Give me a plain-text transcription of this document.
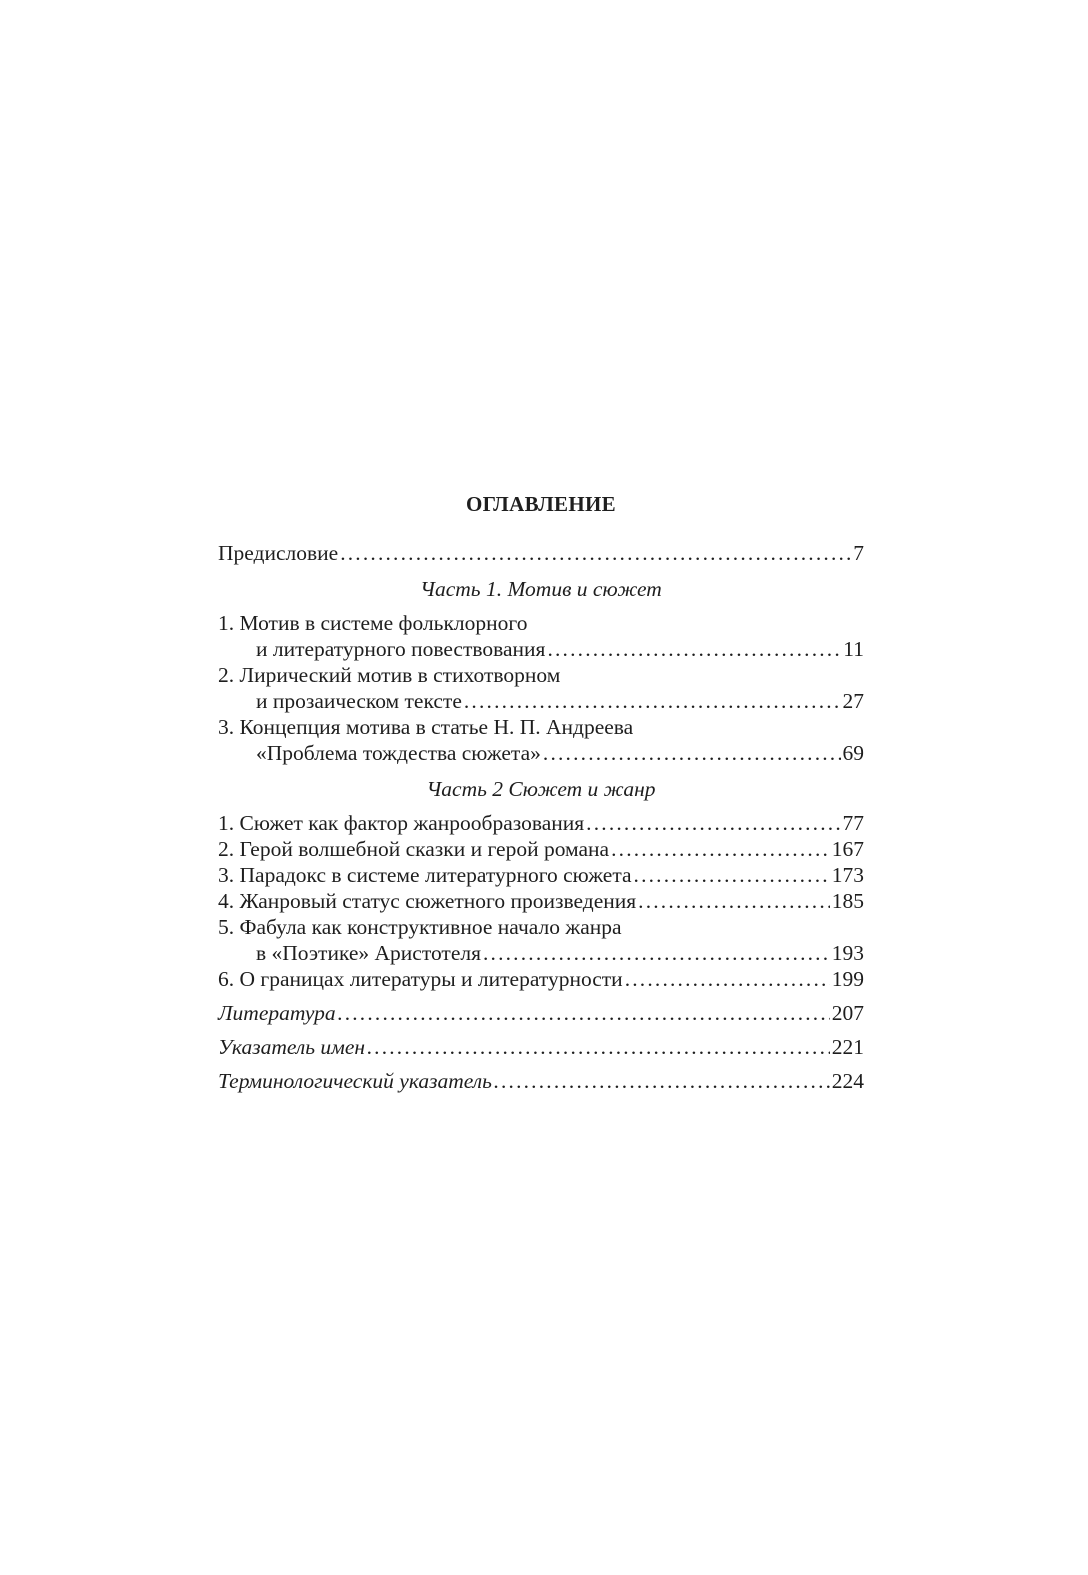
ОГЛАВЛЕНИЕ
Предисловие . . .	7
Часть 1. Мотив и сюжет
1. Мотив в системе фольклорного
и литературного повествования . . .	11
2. Лирический мотив в стихотворном
и прозаическом тексте . . .	27
3. Концепция мотива в статье Н. П. Андреева
«Проблема тождества сюжета» . . .	69
Часть 2 Сюжет и жанр
1. Сюжет как фактор жанрообразования . . .	77
2. Герой волшебной сказки и герой романа . . .	167
3. Парадокс в системе литературного сюжета . . .	173
4. Жанровый статус сюжетного произведения . . .	185
5. Фабула как конструктивное начало жанра
в «Поэтике» Аристотеля . . .	193
6. О границах литературы и литературности . . .	199
Литература . . .	207
Указатель имен . . .	221
Терминологический указатель . . .	224
